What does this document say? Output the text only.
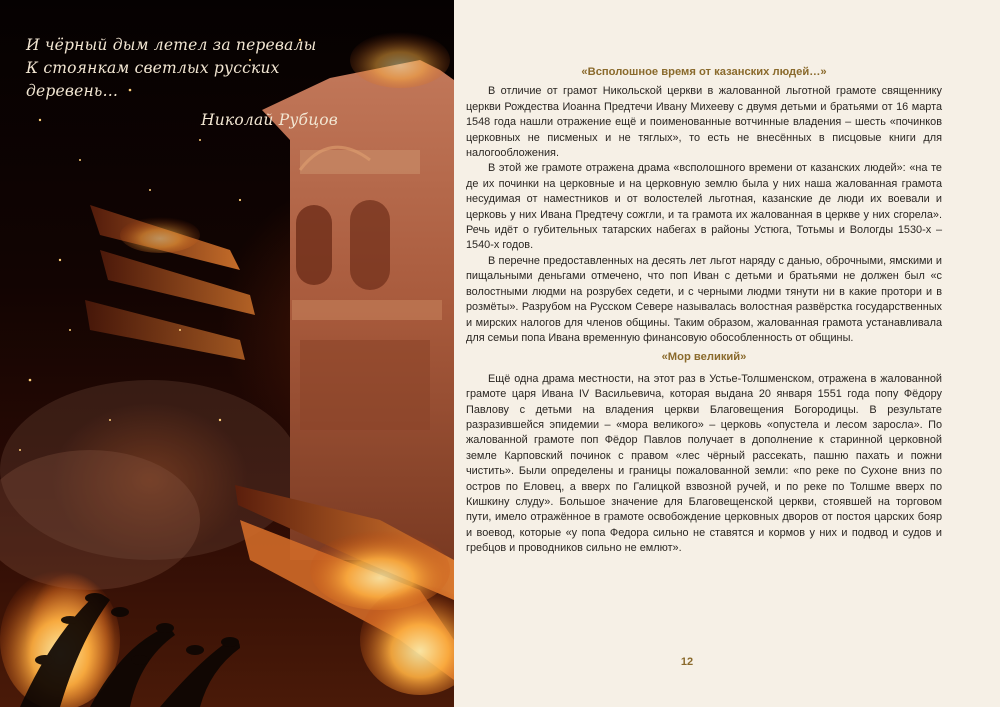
И чёрный дым летел за перевалы
К стоянкам светлых русских деревень…
Николай Рубцов
«Всполошное время от казанских людей…»

В отличие от грамот Никольской церкви в жалованной льготной грамоте священнику церкви Рождества Иоанна Предтечи Ивану Михееву с двумя детьми и братьями от 16 марта 1548 года нашли отражение ещё и поименованные вотчинные владения – шесть «починков церковных не писменых и не тяглых», то есть не внесённых в писцовые книги для налогообложения.

В этой же грамоте отражена драма «всполошного времени от казанских людей»: «на те де их починки на церковные и на церковную землю была у них наша жалованная грамота несудимая от наместников и от волостелей льготная, казанские де люди их воевали и церковь у них Ивана Предтечу сожгли, и та грамота их жалованная в церкве у них сгорела». Речь идёт о губительных татарских набегах в районы Устюга, Тотьмы и Вологды 1530-х – 1540-х годов.

В перечне предоставленных на десять лет льгот наряду с данью, оброчными, ямскими и пищальными деньгами отмечено, что поп Иван с детьми и братьями не должен был «с волостными людми на розрубех седети, и с черными людми тянути ни в какие протори и в розмёты». Разрубом на Русском Севере называлась волостная развёрстка государственных и мирских налогов для членов общины. Таким образом, жалованная грамота устанавливала для семьи попа Ивана временную финансовую обособленность от общины.

«Мор великий»

Ещё одна драма местности, на этот раз в Устье-Толшменском, отражена в жалованной грамоте царя Ивана IV Васильевича, которая выдана 20 января 1551 года попу Фёдору Павлову с детьми на владения церкви Благовещения Богородицы. В результате разразившейся эпидемии – «мора великого» – церковь «опустела и лесом заросла». По жалованной грамоте поп Фёдор Павлов получает в дополнение к старинной церковной земле Карповский починок с правом «лес чёрный рассекать, пашню пахать и пожни чистить». Были определены и границы пожалованной земли: «по реке по Сухоне вниз по остров по Еловец, а вверх по Галицкой взвозной ручей, и по реке по Толшме вверх по Кишкину слуду». Большое значение для Благовещенской церкви, стоявшей на торговом пути, имело отражённое в грамоте освобождение церковных дворов от постоя царских бояр и воевод, которые «у попа Федора сильно не ставятся и кормов у них и подвод и судов и гребцов и проводников сильно не емлют».

12
